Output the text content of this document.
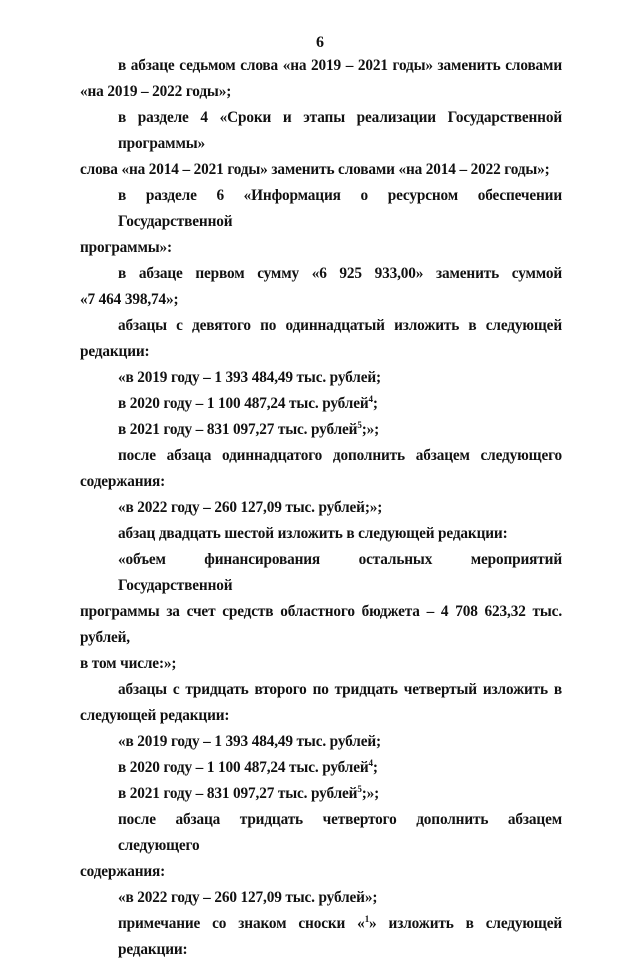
6
в абзаце седьмом слова «на 2019 – 2021 годы» заменить словами
«на 2019 – 2022 годы»;
в разделе 4 «Сроки и этапы реализации Государственной программы»
слова «на 2014 – 2021 годы» заменить словами «на 2014 – 2022 годы»;
в разделе 6 «Информация о ресурсном обеспечении Государственной
программы»:
в абзаце первом сумму «6 925 933,00» заменить суммой
«7 464 398,74»;
абзацы с девятого по одиннадцатый изложить в следующей
редакции:
«в 2019 году – 1 393 484,49 тыс. рублей;
в 2020 году – 1 100 487,24 тыс. рублей$^4$;
в 2021 году – 831 097,27 тыс. рублей$^5$;»;
после абзаца одиннадцатого дополнить абзацем следующего
содержания:
«в 2022 году – 260 127,09 тыс. рублей;»;
абзац двадцать шестой изложить в следующей редакции:
«объем финансирования остальных мероприятий Государственной
программы за счет средств областного бюджета – 4 708 623,32 тыс. рублей,
в том числе:»;
абзацы с тридцать второго по тридцать четвертый изложить в
следующей редакции:
«в 2019 году – 1 393 484,49 тыс. рублей;
в 2020 году – 1 100 487,24 тыс. рублей$^4$;
в 2021 году – 831 097,27 тыс. рублей$^5$;»;
после абзаца тридцать четвертого дополнить абзацем следующего
содержания:
«в 2022 году – 260 127,09 тыс. рублей»;
примечание со знаком сноски «$^1$» изложить в следующей редакции:
